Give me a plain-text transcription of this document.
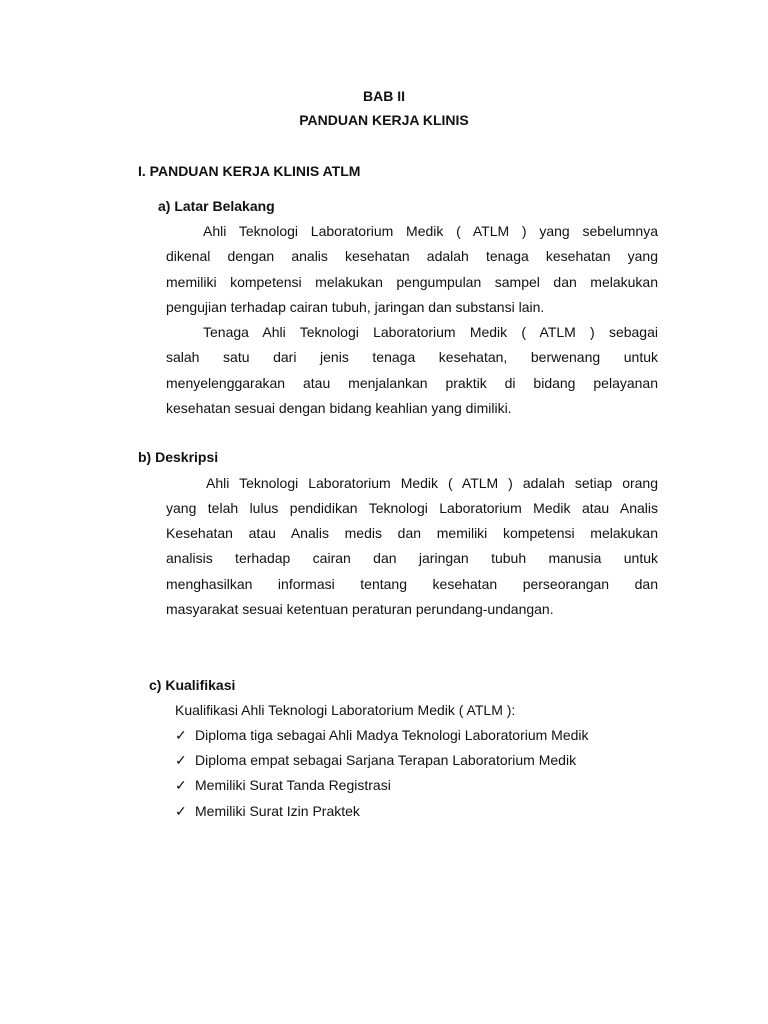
BAB II
PANDUAN KERJA KLINIS
I. PANDUAN KERJA KLINIS ATLM
a) Latar Belakang
Ahli Teknologi Laboratorium Medik ( ATLM ) yang sebelumnya
dikenal dengan analis kesehatan adalah tenaga kesehatan yang
memiliki kompetensi melakukan pengumpulan sampel dan melakukan
pengujian terhadap cairan tubuh, jaringan dan substansi lain.
Tenaga Ahli Teknologi Laboratorium Medik ( ATLM ) sebagai
salah satu dari jenis tenaga kesehatan, berwenang untuk
menyelenggarakan atau menjalankan praktik di bidang pelayanan
kesehatan sesuai dengan bidang keahlian yang dimiliki.
b) Deskripsi
Ahli Teknologi Laboratorium Medik ( ATLM ) adalah setiap orang
yang telah lulus pendidikan Teknologi Laboratorium Medik atau Analis
Kesehatan atau Analis medis dan memiliki kompetensi melakukan
analisis terhadap cairan dan jaringan tubuh manusia untuk
menghasilkan informasi tentang kesehatan perseorangan dan
masyarakat sesuai ketentuan peraturan perundang-undangan.
c) Kualifikasi
Kualifikasi Ahli Teknologi Laboratorium Medik ( ATLM ):
✓ Diploma tiga sebagai Ahli Madya Teknologi Laboratorium Medik
✓ Diploma empat sebagai Sarjana Terapan Laboratorium Medik
✓ Memiliki Surat Tanda Registrasi
✓ Memiliki Surat Izin Praktek
